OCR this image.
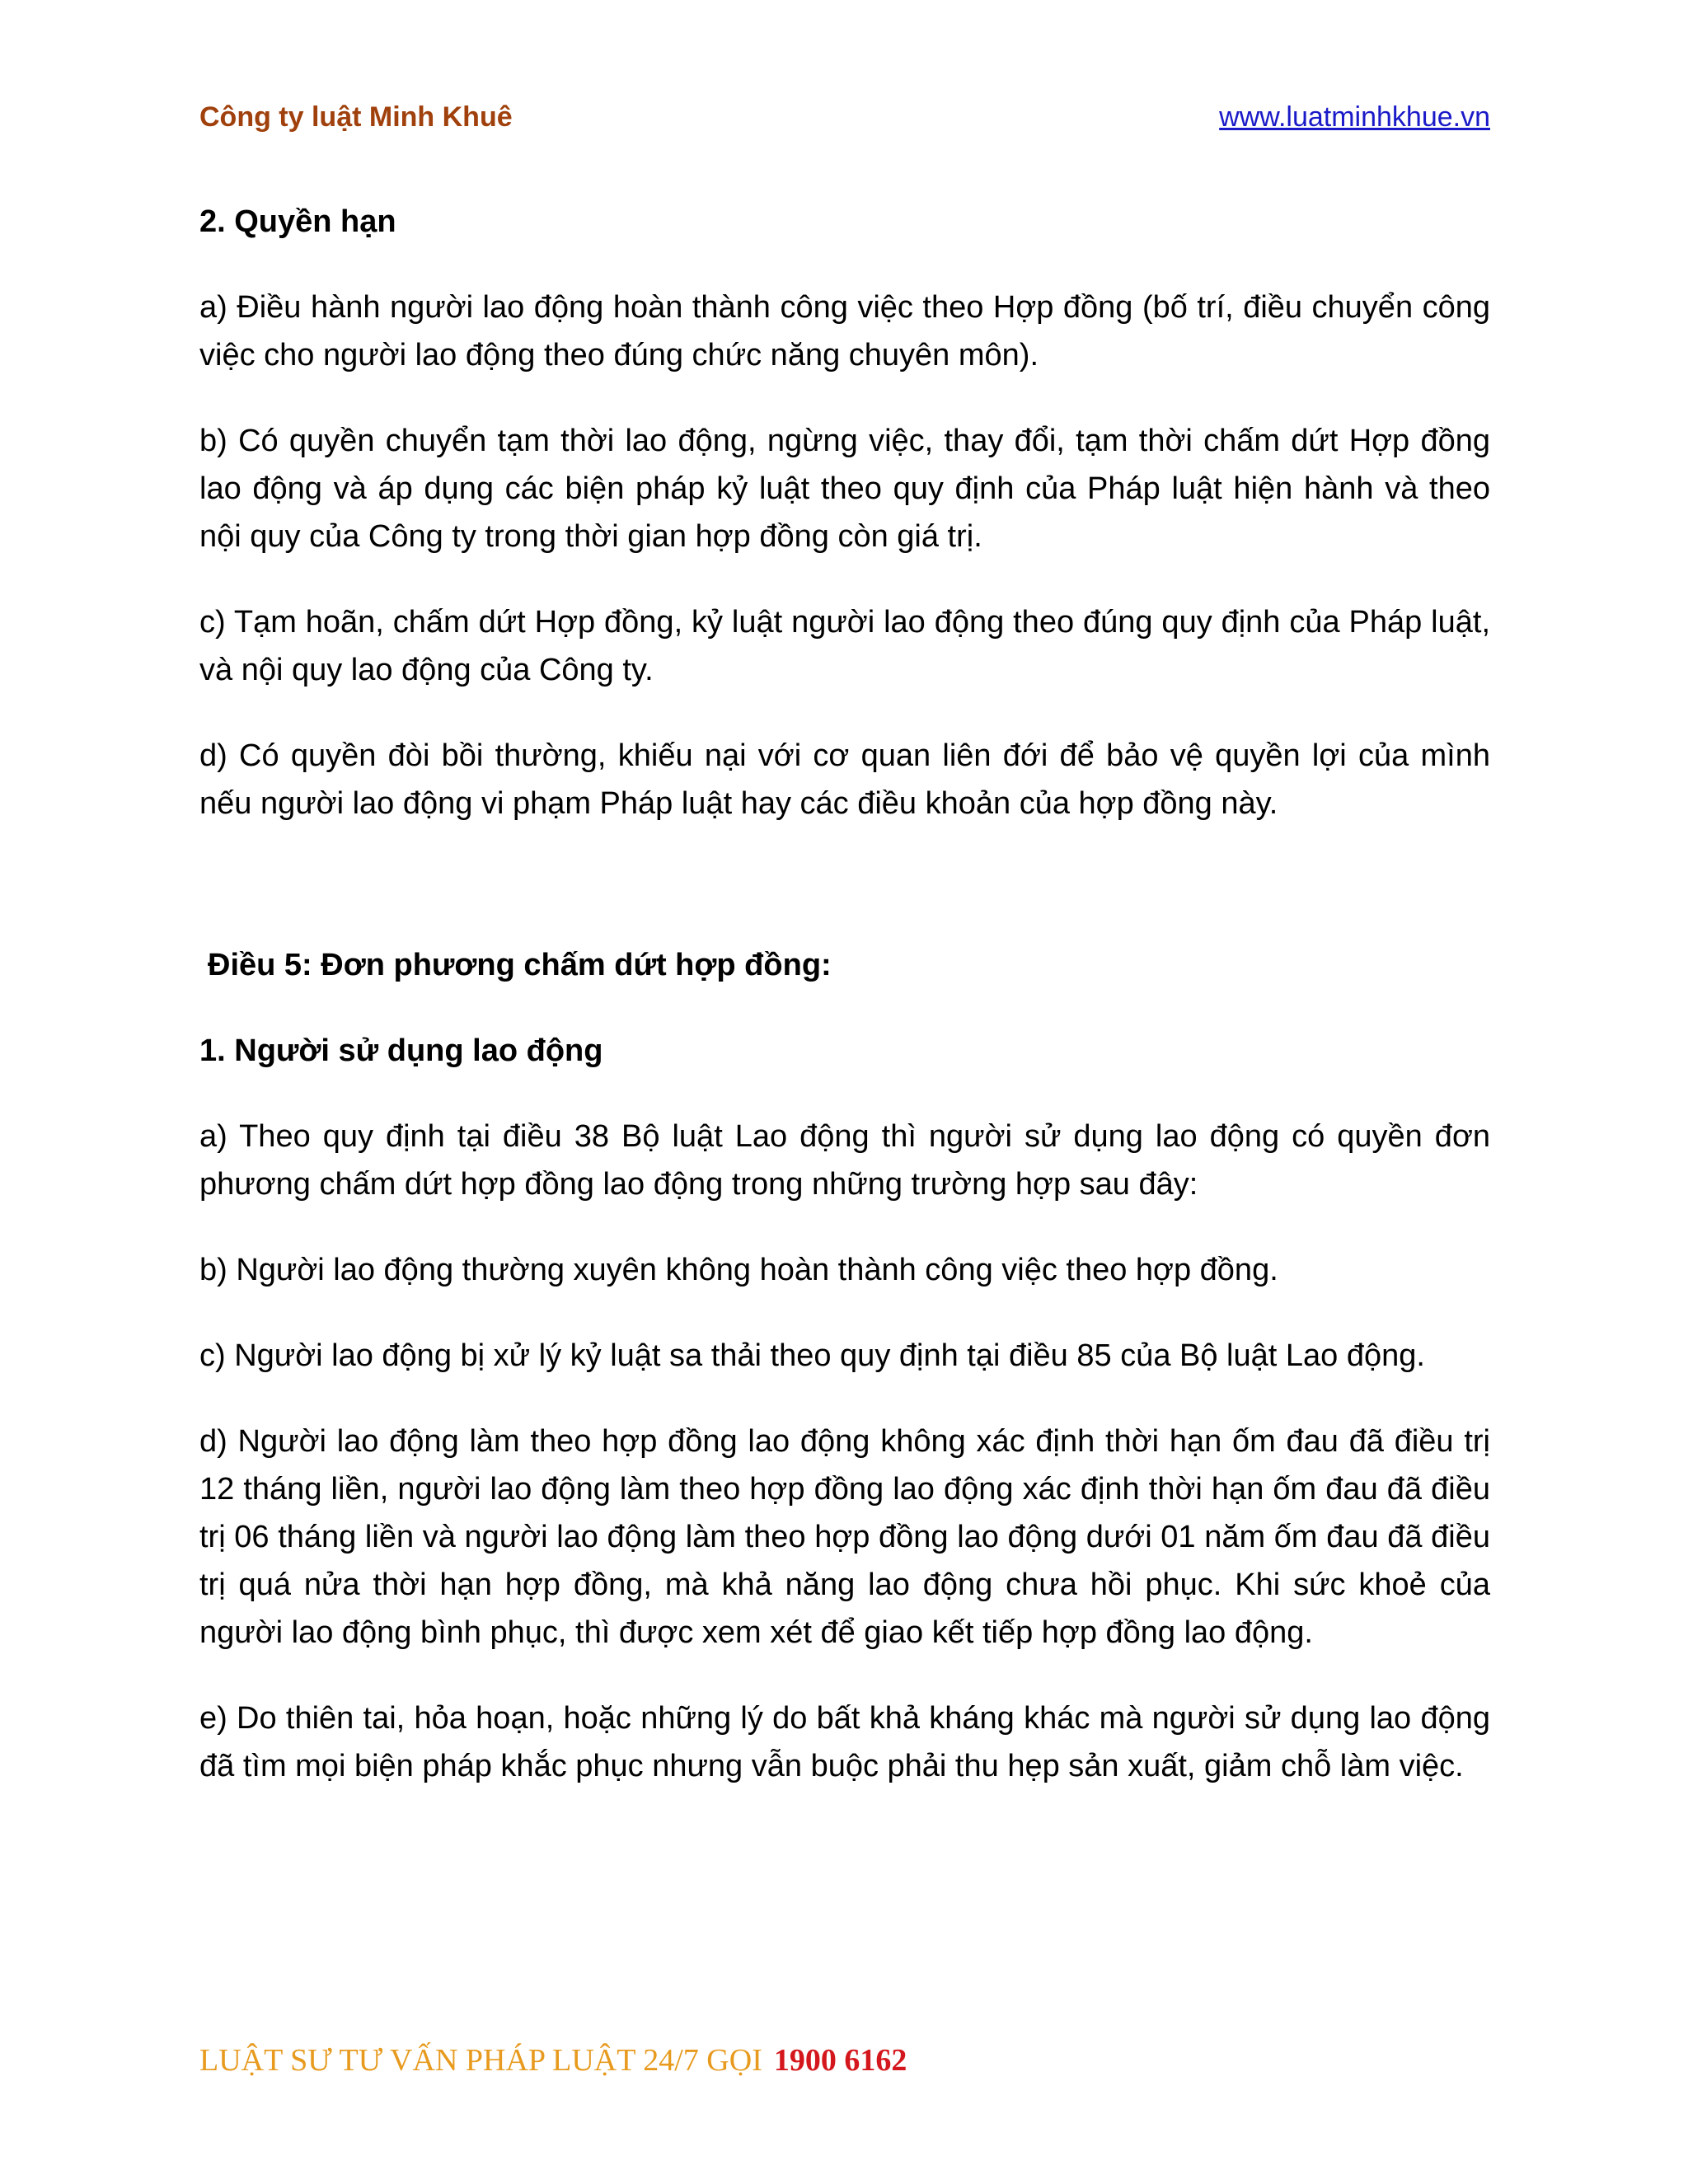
Công ty luật Minh Khuê	www.luatminhkhue.vn

2. Quyền hạn

a) Điều hành người lao động hoàn thành công việc theo Hợp đồng (bố trí, điều chuyển công việc cho người lao động theo đúng chức năng chuyên môn).

b) Có quyền chuyển tạm thời lao động, ngừng việc, thay đổi, tạm thời chấm dứt Hợp đồng lao động và áp dụng các biện pháp kỷ luật theo quy định của Pháp luật hiện hành và theo nội quy của Công ty trong thời gian hợp đồng còn giá trị.

c) Tạm hoãn, chấm dứt Hợp đồng, kỷ luật người lao động theo đúng quy định của Pháp luật, và nội quy lao động của Công ty.

d) Có quyền đòi bồi thường, khiếu nại với cơ quan liên đới để bảo vệ quyền lợi của mình nếu người lao động vi phạm Pháp luật hay các điều khoản của hợp đồng này.

Điều 5: Đơn phương chấm dứt hợp đồng:

1. Người sử dụng lao động

a) Theo quy định tại điều 38 Bộ luật Lao động thì người sử dụng lao động có quyền đơn phương chấm dứt hợp đồng lao động trong những trường hợp sau đây:

b) Người lao động thường xuyên không hoàn thành công việc theo hợp đồng.

c) Người lao động bị xử lý kỷ luật sa thải theo quy định tại điều 85 của Bộ luật Lao động.

d) Người lao động làm theo hợp đồng lao động không xác định thời hạn ốm đau đã điều trị 12 tháng liền, người lao động làm theo hợp đồng lao động xác định thời hạn ốm đau đã điều trị 06 tháng liền và người lao động làm theo hợp đồng lao động dưới 01 năm ốm đau đã điều trị quá nửa thời hạn hợp đồng, mà khả năng lao động chưa hồi phục. Khi sức khoẻ của người lao động bình phục, thì được xem xét để giao kết tiếp hợp đồng lao động.

e) Do thiên tai, hỏa hoạn, hoặc những lý do bất khả kháng khác mà người sử dụng lao động đã tìm mọi biện pháp khắc phục nhưng vẫn buộc phải thu hẹp sản xuất, giảm chỗ làm việc.

LUẬT SƯ TƯ VẤN PHÁP LUẬT 24/7 GỌI 1900 6162
